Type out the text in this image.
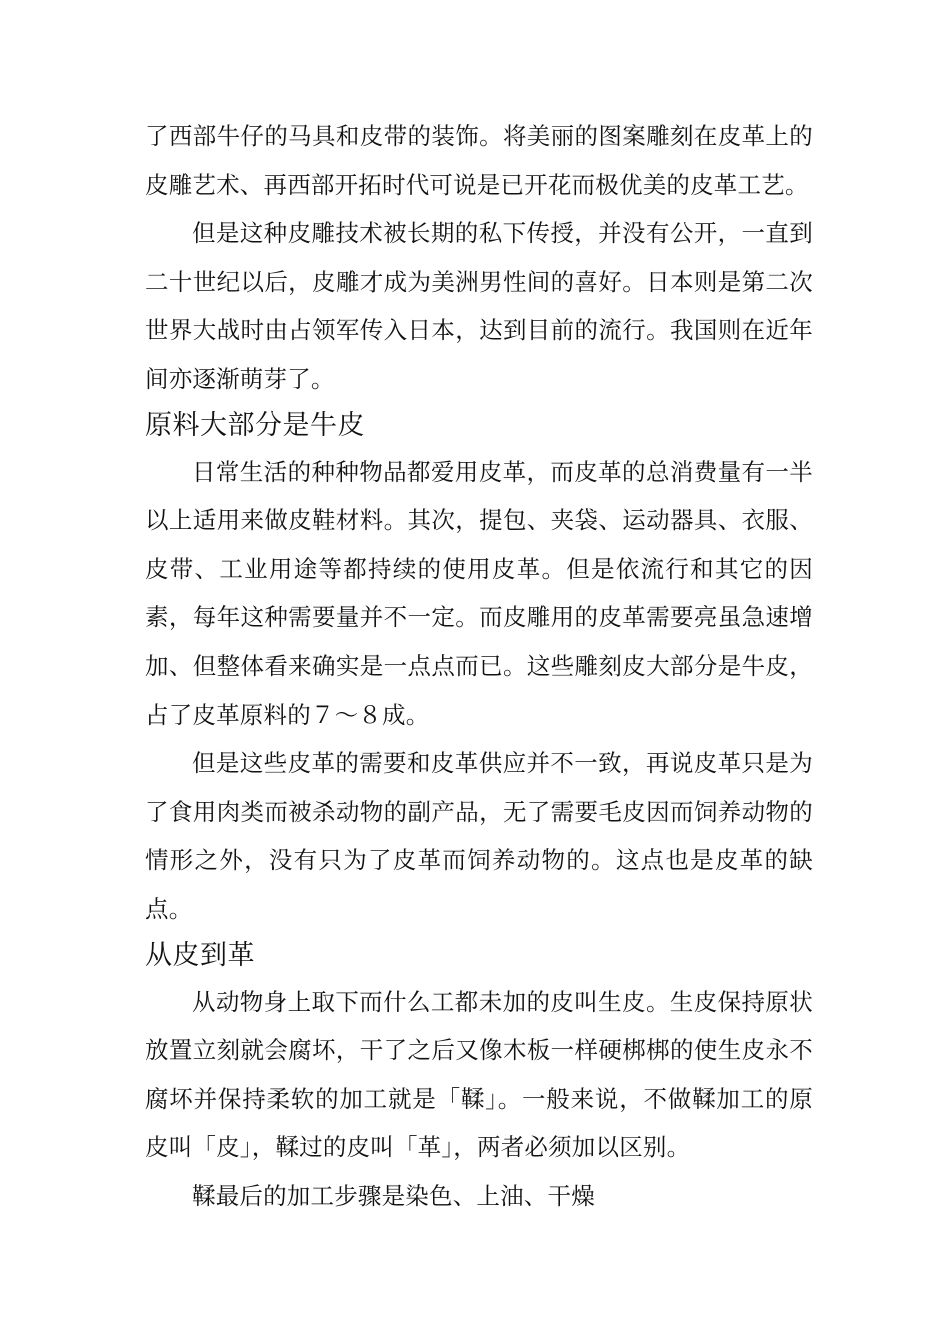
了西部牛仔的马具和皮带的装饰。将美丽的图案雕刻在皮革上的皮雕艺术、再西部开拓时代可说是已开花而极优美的皮革工艺。

但是这种皮雕技术被长期的私下传授，并没有公开，一直到二十世纪以后，皮雕才成为美洲男性间的喜好。日本则是第二次世界大战时由占领军传入日本，达到目前的流行。我国则在近年间亦逐渐萌芽了。

原料大部分是牛皮

日常生活的种种物品都爱用皮革，而皮革的总消费量有一半以上适用来做皮鞋材料。其次，提包、夹袋、运动器具、衣服、皮带、工业用途等都持续的使用皮革。但是依流行和其它的因素，每年这种需要量并不一定。而皮雕用的皮革需要亮虽急速增加、但整体看来确实是一点点而已。这些雕刻皮大部分是牛皮，占了皮革原料的７～８成。

但是这些皮革的需要和皮革供应并不一致，再说皮革只是为了食用肉类而被杀动物的副产品，无了需要毛皮因而饲养动物的情形之外，没有只为了皮革而饲养动物的。这点也是皮革的缺点。

从皮到革

从动物身上取下而什么工都未加的皮叫生皮。生皮保持原状放置立刻就会腐坏，干了之后又像木板一样硬梆梆的使生皮永不腐坏并保持柔软的加工就是「鞣」。一般来说，不做鞣加工的原皮叫「皮」，鞣过的皮叫「革」，两者必须加以区别。

鞣最后的加工步骤是染色、上油、干燥
